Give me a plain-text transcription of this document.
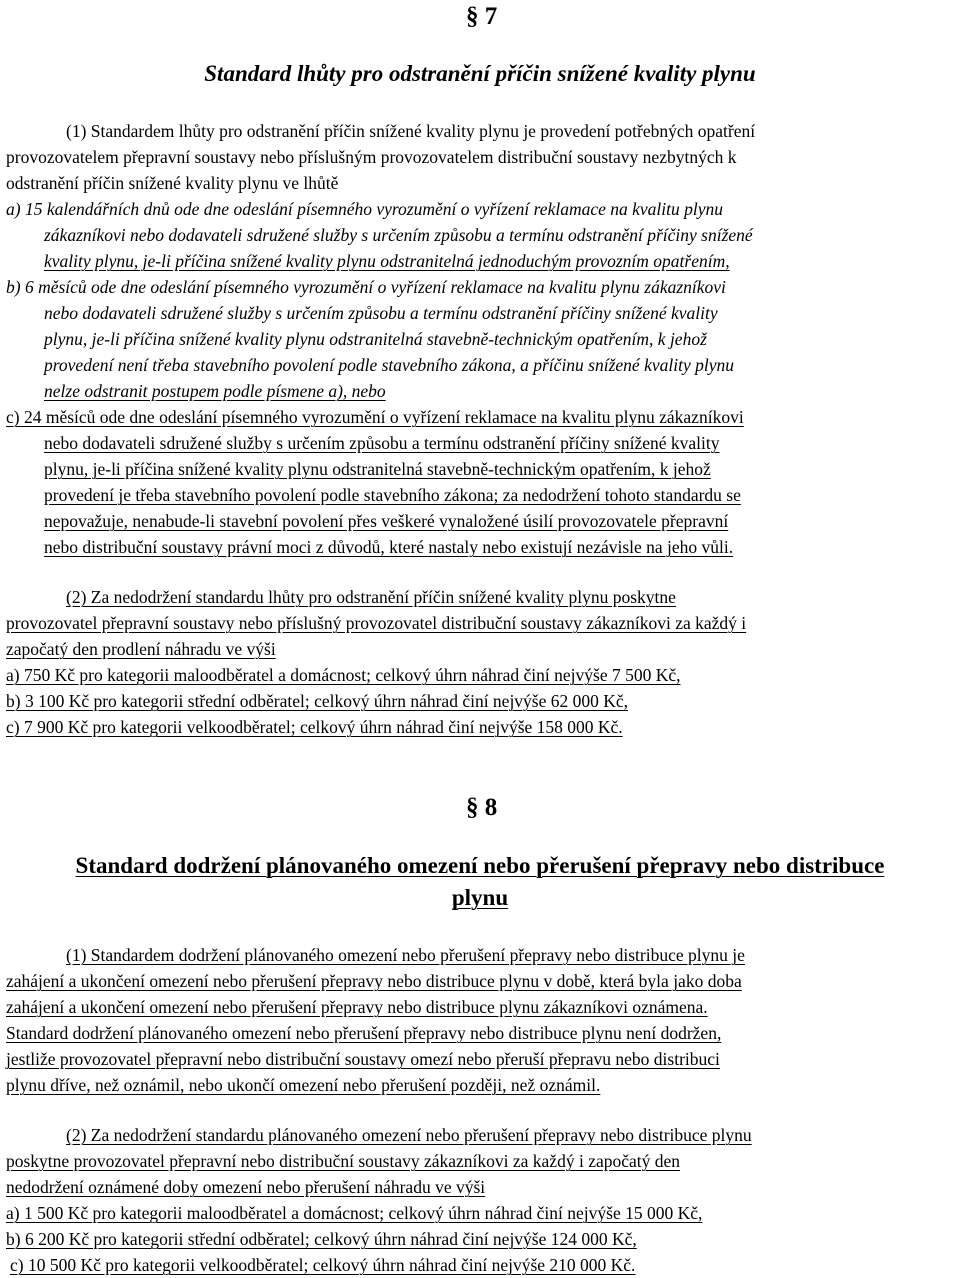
§ 7
Standard lhůty pro odstranění příčin snížené kvality plynu
(1) Standardem lhůty pro odstranění příčin snížené kvality plynu je provedení potřebných opatření
provozovatelem přepravní soustavy nebo příslušným provozovatelem distribuční soustavy nezbytných k
odstranění příčin snížené kvality plynu ve lhůtě
a) 15 kalendářních dnů ode dne odeslání písemného vyrozumění o vyřízení reklamace na kvalitu plynu
zákazníkovi nebo dodavateli sdružené služby s určením způsobu a termínu odstranění příčiny snížené
kvality plynu, je-li příčina snížené kvality plynu odstranitelná jednoduchým provozním opatřením,
b) 6 měsíců ode dne odeslání písemného vyrozumění o vyřízení reklamace na kvalitu plynu zákazníkovi
nebo dodavateli sdružené služby s určením způsobu a termínu odstranění příčiny snížené kvality
plynu, je-li příčina snížené kvality plynu odstranitelná stavebně-technickým opatřením, k jehož
provedení není třeba stavebního povolení podle stavebního zákona, a příčinu snížené kvality plynu
nelze odstranit postupem podle písmene a), nebo
c) 24 měsíců ode dne odeslání písemného vyrozumění o vyřízení reklamace na kvalitu plynu zákazníkovi
nebo dodavateli sdružené služby s určením způsobu a termínu odstranění příčiny snížené kvality
plynu, je-li příčina snížené kvality plynu odstranitelná stavebně-technickým opatřením, k jehož
provedení je třeba stavebního povolení podle stavebního zákona; za nedodržení tohoto standardu se
nepovažuje, nenabude-li stavební povolení přes veškeré vynaložené úsilí provozovatele přepravní
nebo distribuční soustavy právní moci z důvodů, které nastaly nebo existují nezávisle na jeho vůli.
(2) Za nedodržení standardu lhůty pro odstranění příčin snížené kvality plynu poskytne
provozovatel přepravní soustavy nebo příslušný provozovatel distribuční soustavy zákazníkovi za každý i
započatý den prodlení náhradu ve výši
a) 750 Kč pro kategorii maloodběratel a domácnost; celkový úhrn náhrad činí nejvýše 7 500 Kč,
b) 3 100 Kč pro kategorii střední odběratel; celkový úhrn náhrad činí nejvýše 62 000 Kč,
c) 7 900 Kč pro kategorii velkoodběratel; celkový úhrn náhrad činí nejvýše 158 000 Kč.
§ 8
Standard dodržení plánovaného omezení nebo přerušení přepravy nebo distribuce
plynu
(1) Standardem dodržení plánovaného omezení nebo přerušení přepravy nebo distribuce plynu je
zahájení a ukončení omezení nebo přerušení přepravy nebo distribuce plynu v době, která byla jako doba
zahájení a ukončení omezení nebo přerušení přepravy nebo distribuce plynu zákazníkovi oznámena.
Standard dodržení plánovaného omezení nebo přerušení přepravy nebo distribuce plynu není dodržen,
jestliže provozovatel přepravní nebo distribuční soustavy omezí nebo přeruší přepravu nebo distribuci
plynu dříve, než oznámil, nebo ukončí omezení nebo přerušení později, než oznámil.
(2) Za nedodržení standardu plánovaného omezení nebo přerušení přepravy nebo distribuce plynu
poskytne provozovatel přepravní nebo distribuční soustavy zákazníkovi za každý i započatý den
nedodržení oznámené doby omezení nebo přerušení náhradu ve výši
a) 1 500 Kč pro kategorii maloodběratel a domácnost; celkový úhrn náhrad činí nejvýše 15 000 Kč,
b) 6 200 Kč pro kategorii střední odběratel; celkový úhrn náhrad činí nejvýše 124 000 Kč,
c) 10 500 Kč pro kategorii velkoodběratel; celkový úhrn náhrad činí nejvýše 210 000 Kč.
